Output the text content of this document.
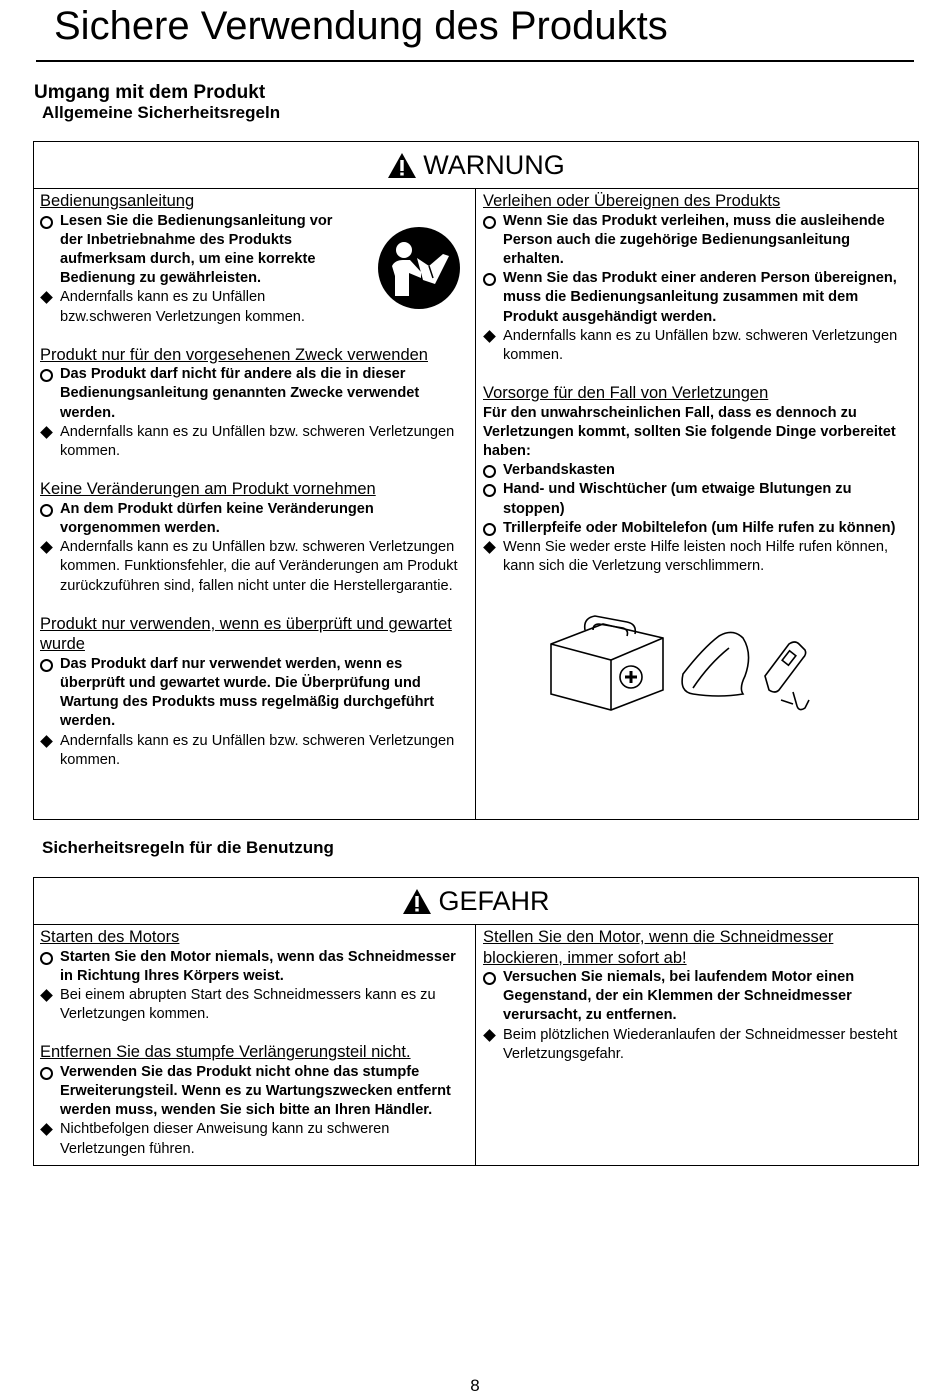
Sichere Verwendung des Produkts
Umgang mit dem Produkt
Allgemeine Sicherheitsregeln
WARNUNG
Bedienungsanleitung
Lesen Sie die Bedienungsanleitung vor der Inbetriebnahme des Produkts aufmerksam durch, um eine korrekte Bedienung zu gewährleisten.
Andernfalls kann es zu Unfällen bzw.schweren Verletzungen kommen.
Produkt nur für den vorgesehenen Zweck verwenden
Das Produkt darf nicht für andere als die in dieser Bedienungsanleitung genannten Zwecke verwendet werden.
Andernfalls kann es zu Unfällen bzw. schweren Verletzungen kommen.
Keine Veränderungen am Produkt vornehmen
An dem Produkt dürfen keine Veränderungen vorgenommen werden.
Andernfalls kann es zu Unfällen bzw. schweren Verletzungen kommen. Funktionsfehler, die auf Veränderungen am Produkt zurückzuführen sind, fallen nicht unter die Herstellergarantie.
Produkt nur verwenden, wenn es überprüft und gewartet wurde
Das Produkt darf nur verwendet werden, wenn es überprüft und gewartet wurde. Die Überprüfung und Wartung des Produkts muss regelmäßig durchgeführt werden.
Andernfalls kann es zu Unfällen bzw. schweren Verletzungen kommen.
Verleihen oder Übereignen des Produkts
Wenn Sie das Produkt verleihen, muss die ausleihende Person auch die zugehörige Bedienungsanleitung erhalten.
Wenn Sie das Produkt einer anderen Person übereignen, muss die Bedienungsanleitung zusammen mit dem Produkt ausgehändigt werden.
Andernfalls kann es zu Unfällen bzw. schweren Verletzungen kommen.
Vorsorge für den Fall von Verletzungen
Für den unwahrscheinlichen Fall, dass es dennoch zu Verletzungen kommt, sollten Sie folgende Dinge vorbereitet haben:
Verbandskasten
Hand- und Wischtücher (um etwaige Blutungen zu stoppen)
Trillerpfeife oder Mobiltelefon (um Hilfe rufen zu können)
Wenn Sie weder erste Hilfe leisten noch Hilfe rufen können, kann sich die Verletzung verschlimmern.
Sicherheitsregeln für die Benutzung
GEFAHR
Starten des Motors
Starten Sie den Motor niemals, wenn das Schneidmesser in Richtung Ihres Körpers weist.
Bei einem abrupten Start des Schneidmessers kann es zu Verletzungen kommen.
Entfernen Sie das stumpfe Verlängerungsteil nicht.
Verwenden Sie das Produkt nicht ohne das stumpfe Erweiterungsteil. Wenn es zu Wartungszwecken entfernt werden muss, wenden Sie sich bitte an Ihren Händler.
Nichtbefolgen dieser Anweisung kann zu schweren Verletzungen führen.
Stellen Sie den Motor, wenn die Schneidmesser blockieren, immer sofort ab!
Versuchen Sie niemals, bei laufendem Motor einen Gegenstand, der ein Klemmen der Schneidmesser verursacht, zu entfernen.
Beim plötzlichen Wiederanlaufen der Schneidmesser besteht Verletzungsgefahr.
8
